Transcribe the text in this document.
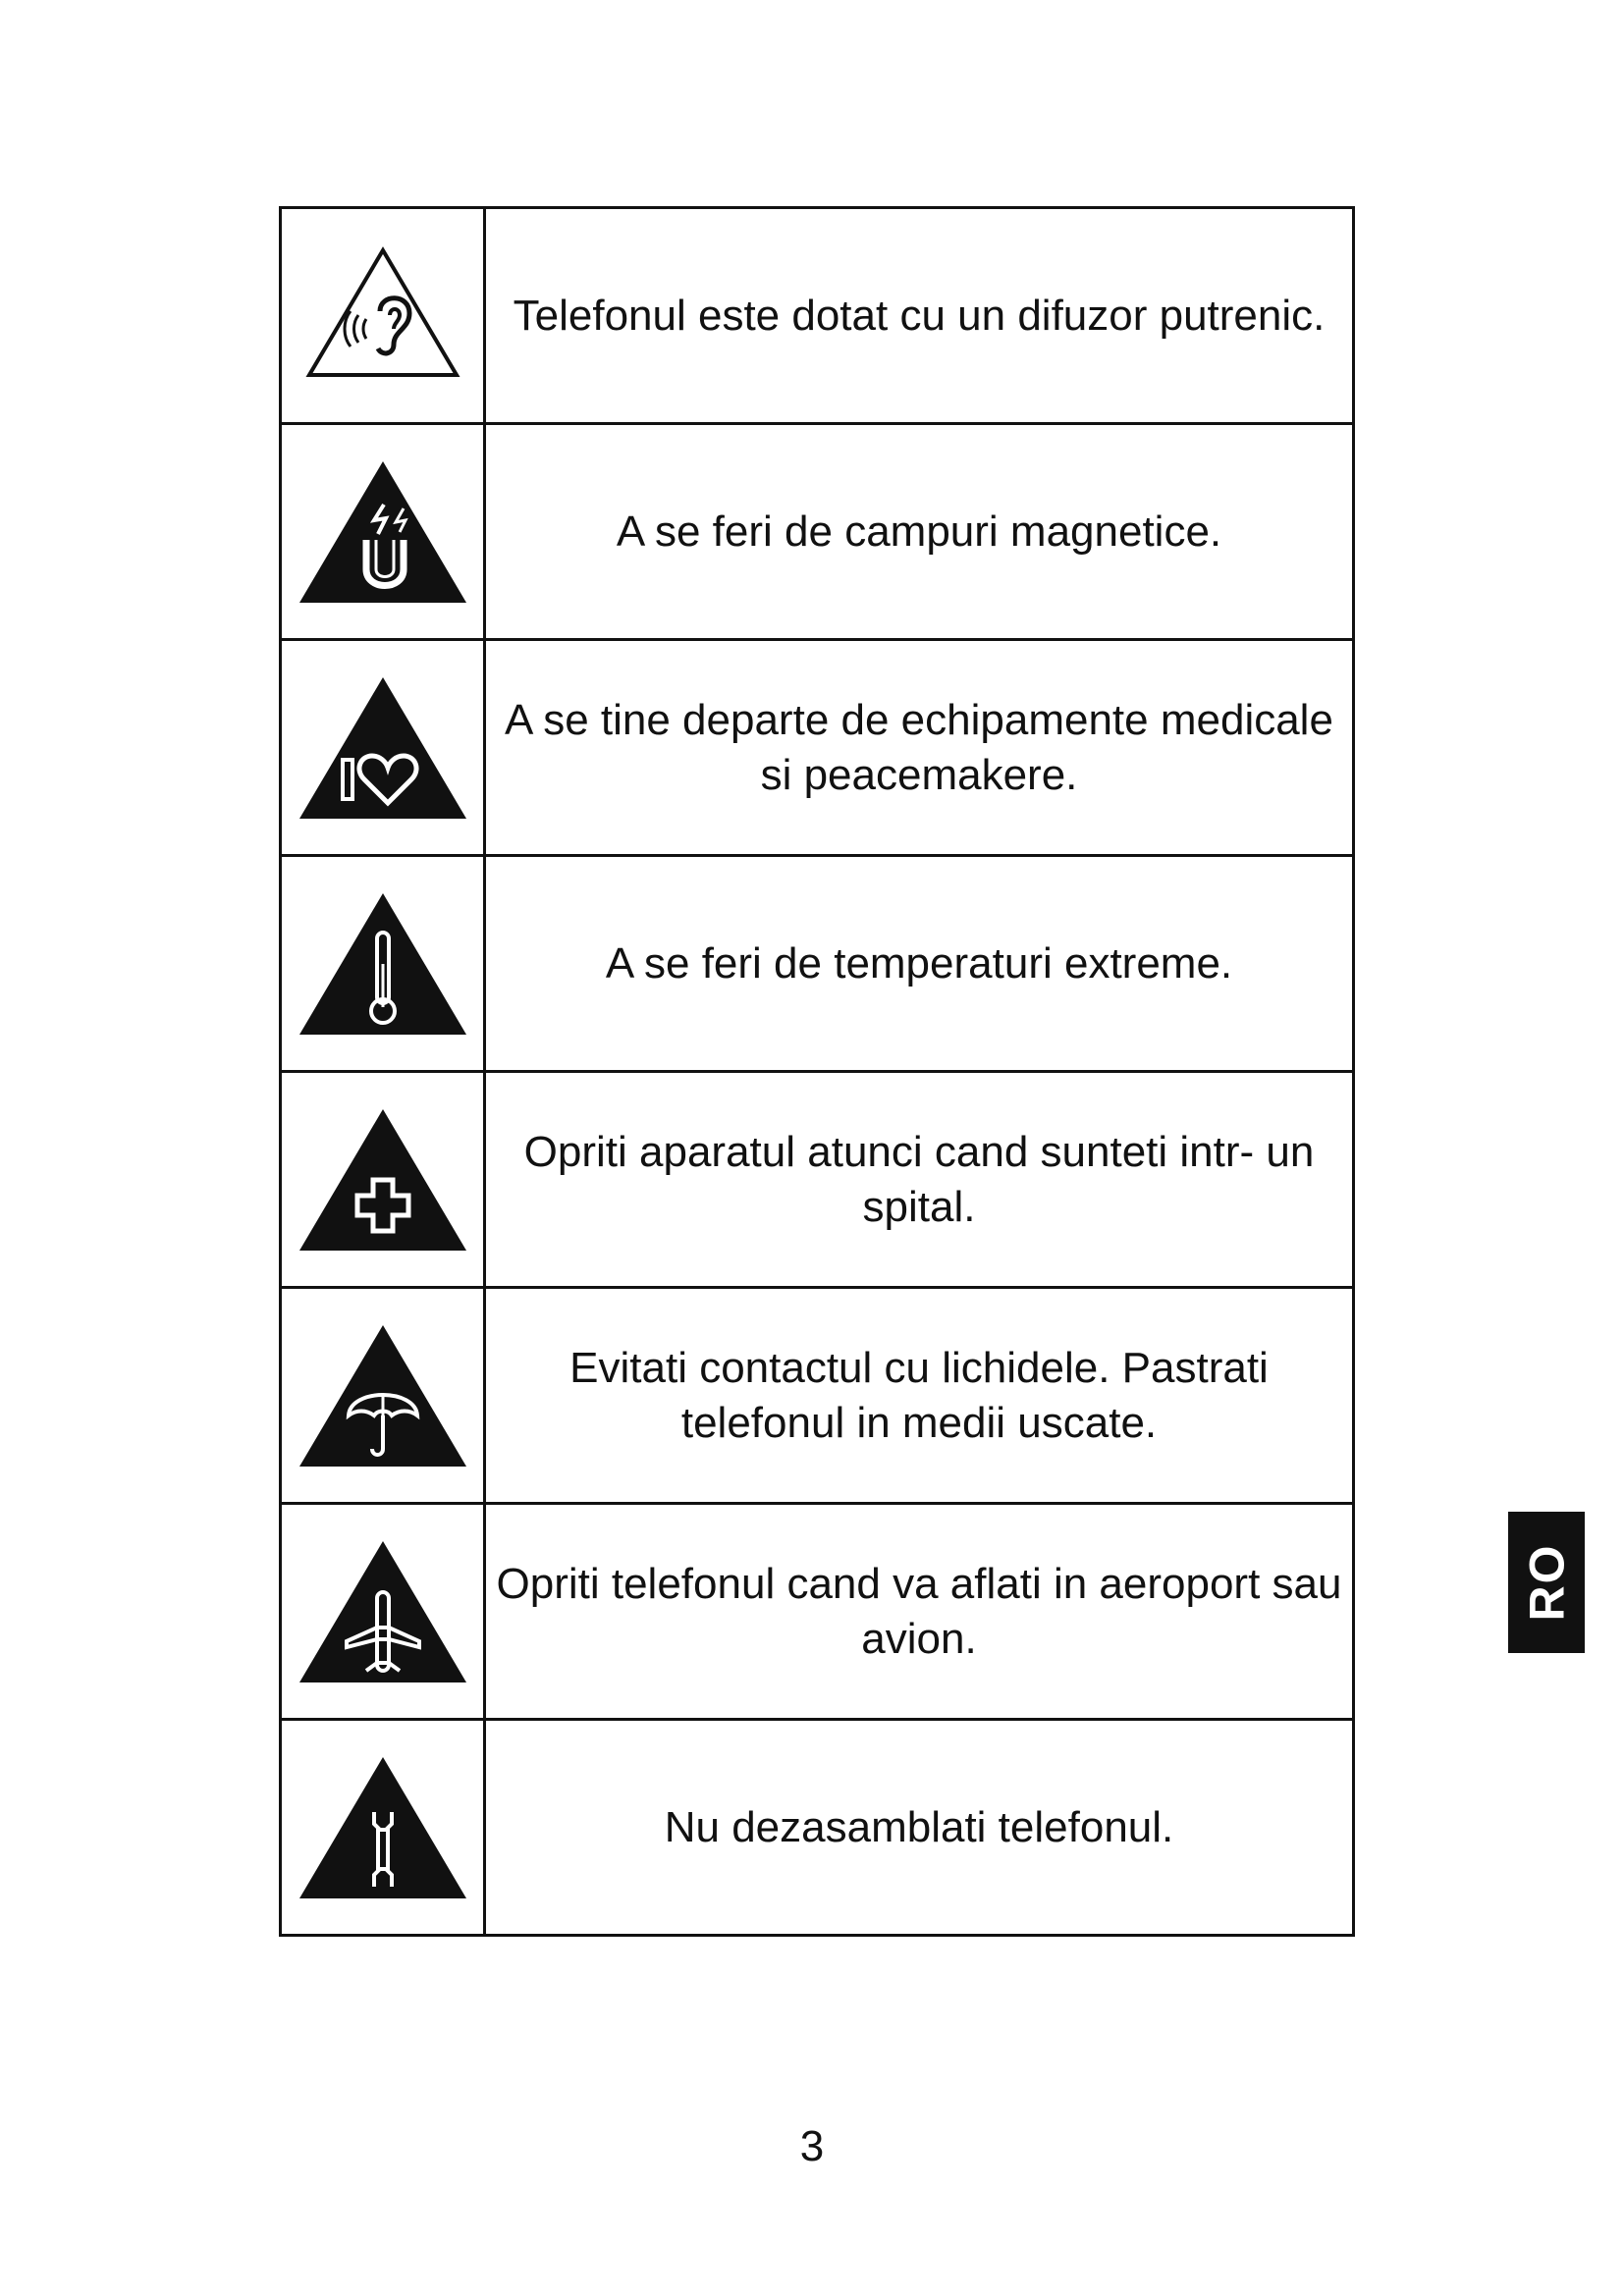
	Telefonul este dotat cu un difuzor putrenic.

	A se feri de campuri magnetice.

	A se tine departe de echipamente medicale si peacemakere.

	A se feri de temperaturi extreme.

	Opriti aparatul atunci cand sunteti intr- un spital.

	Evitati contactul cu lichidele. Pastrati telefonul in medii uscate.

	Opriti telefonul cand va aflati in aeroport sau avion.

	Nu dezasamblati telefonul.
RO
3
